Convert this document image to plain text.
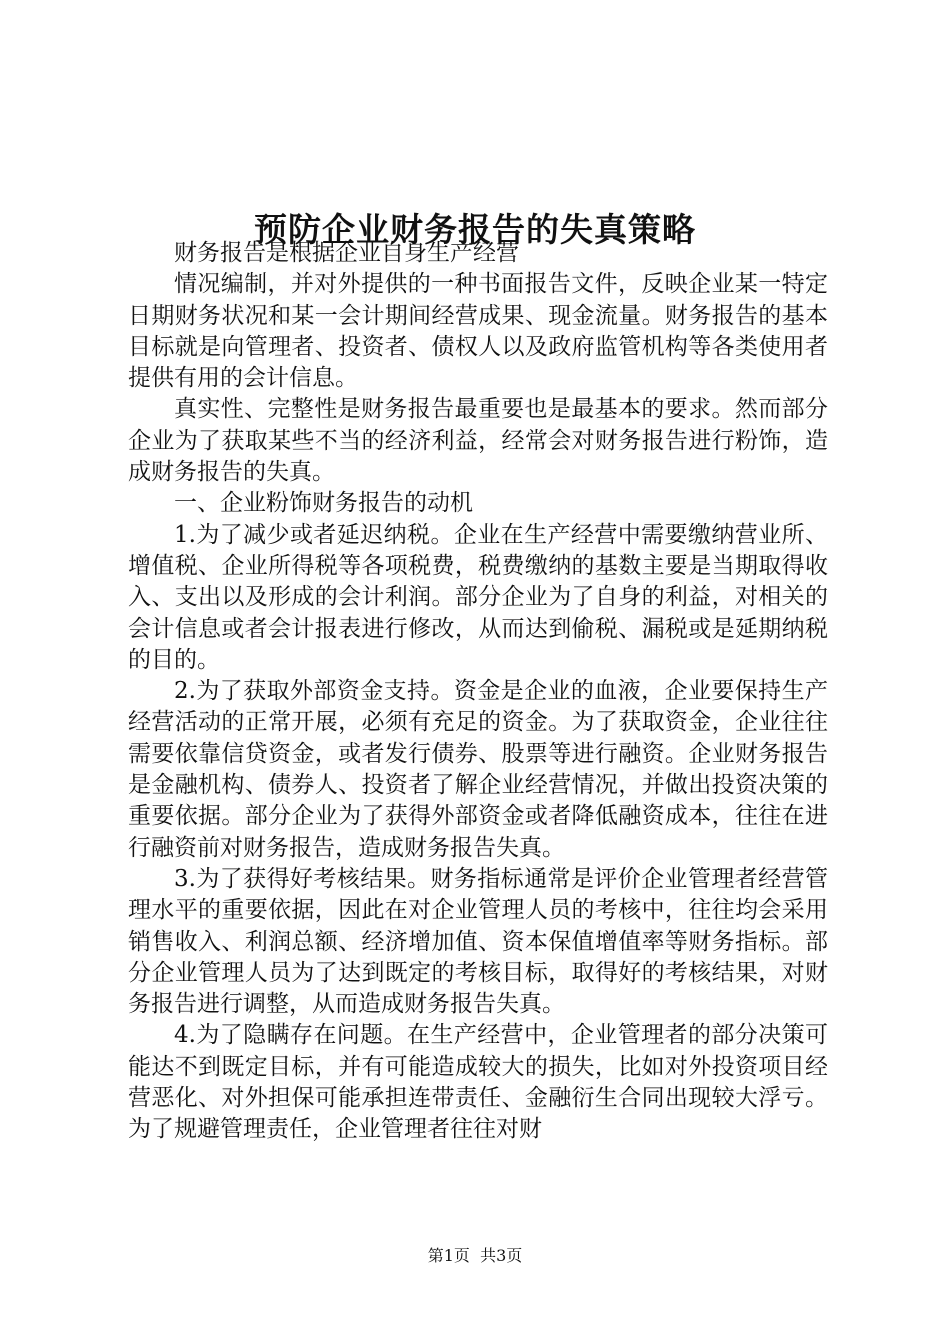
预防企业财务报告的失真策略

财务报告是根据企业自身生产经营

情况编制，并对外提供的一种书面报告文件，反映企业某一特定日期财务状况和某一会计期间经营成果、现金流量。财务报告的基本目标就是向管理者、投资者、债权人以及政府监管机构等各类使用者提供有用的会计信息。

真实性、完整性是财务报告最重要也是最基本的要求。然而部分企业为了获取某些不当的经济利益，经常会对财务报告进行粉饰，造成财务报告的失真。

一、企业粉饰财务报告的动机

1.为了减少或者延迟纳税。企业在生产经营中需要缴纳营业所、增值税、企业所得税等各项税费，税费缴纳的基数主要是当期取得收入、支出以及形成的会计利润。部分企业为了自身的利益，对相关的会计信息或者会计报表进行修改，从而达到偷税、漏税或是延期纳税的目的。

2.为了获取外部资金支持。资金是企业的血液，企业要保持生产经营活动的正常开展，必须有充足的资金。为了获取资金，企业往往需要依靠信贷资金，或者发行债券、股票等进行融资。企业财务报告是金融机构、债券人、投资者了解企业经营情况，并做出投资决策的重要依据。部分企业为了获得外部资金或者降低融资成本，往往在进行融资前对财务报告，造成财务报告失真。

3.为了获得好考核结果。财务指标通常是评价企业管理者经营管理水平的重要依据，因此在对企业管理人员的考核中，往往均会采用销售收入、利润总额、经济增加值、资本保值增值率等财务指标。部分企业管理人员为了达到既定的考核目标，取得好的考核结果，对财务报告进行调整，从而造成财务报告失真。

4.为了隐瞒存在问题。在生产经营中，企业管理者的部分决策可能达不到既定目标，并有可能造成较大的损失，比如对外投资项目经营恶化、对外担保可能承担连带责任、金融衍生合同出现较大浮亏。为了规避管理责任，企业管理者往往对财

第1页  共3页
